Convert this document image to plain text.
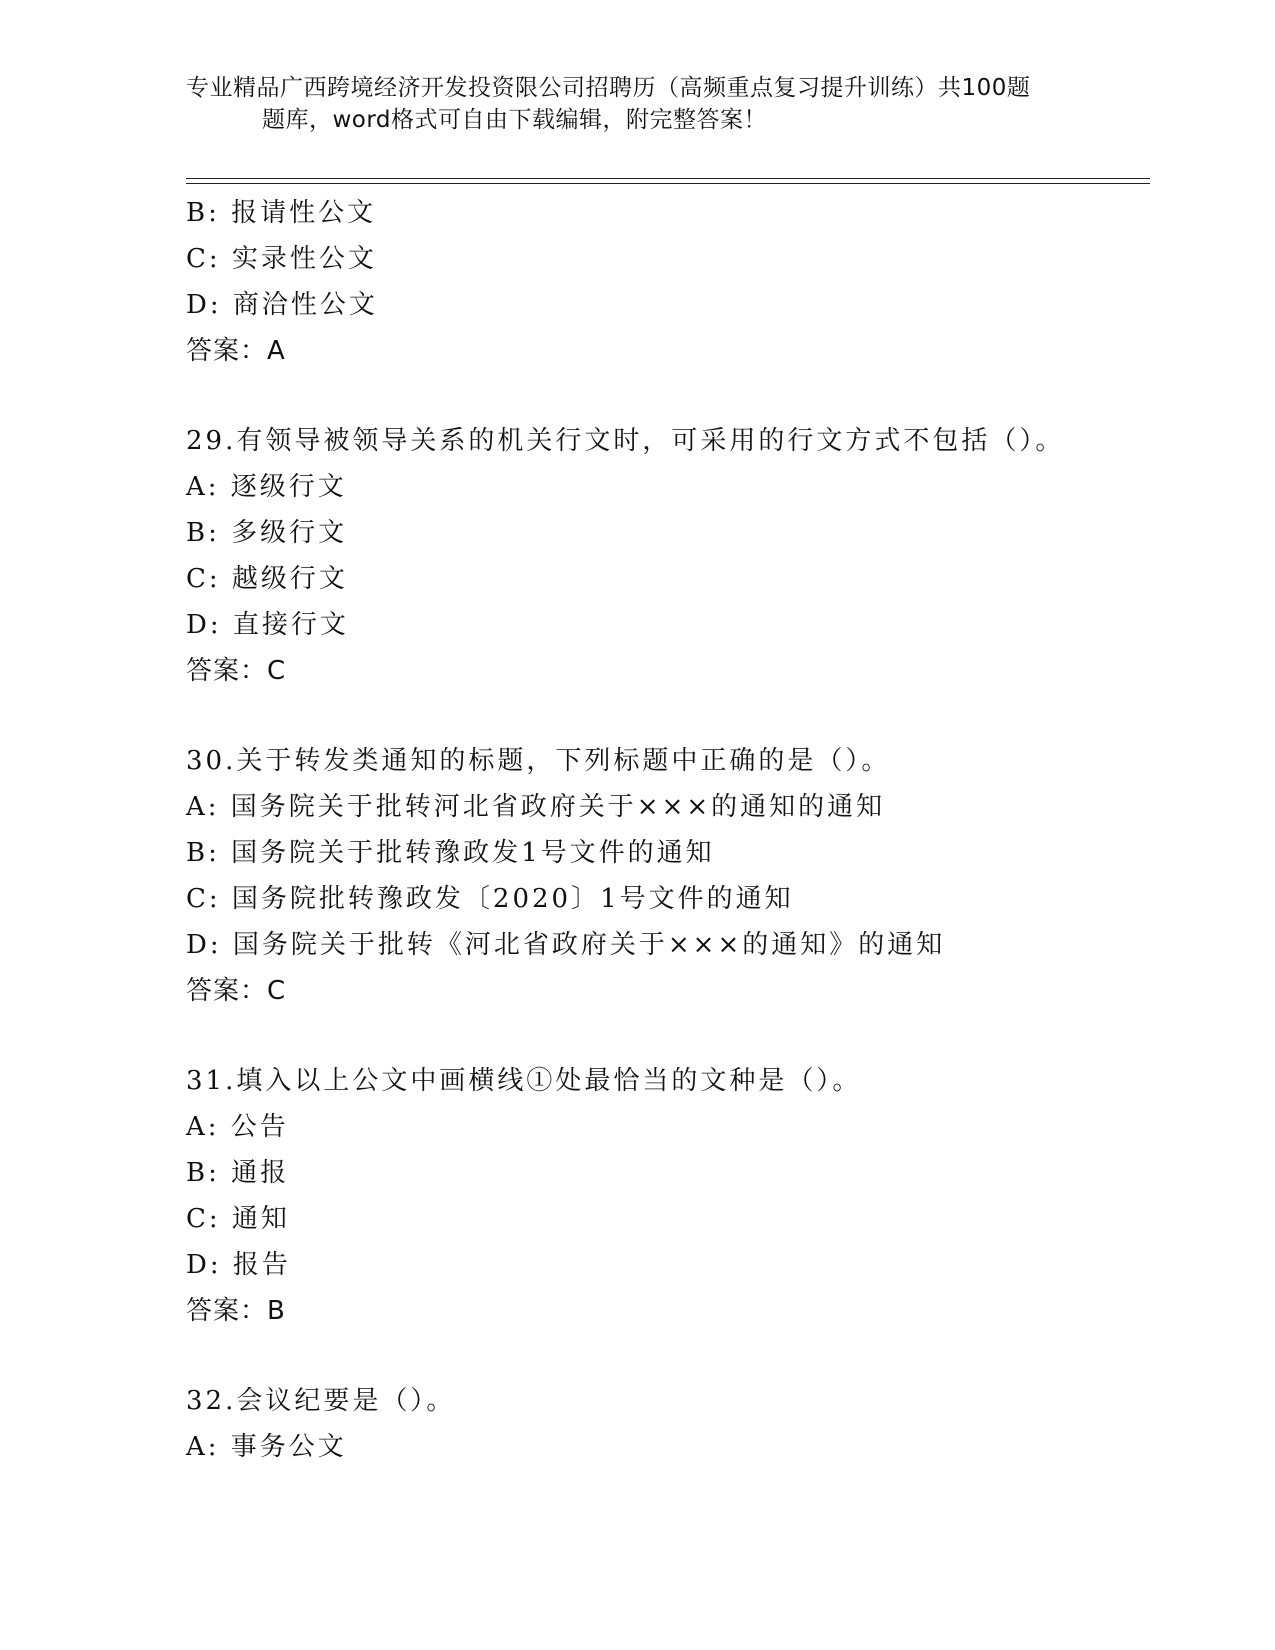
专业精品广西跨境经济开发投资限公司招聘历（高频重点复习提升训练）共100题
题库，word格式可自由下载编辑，附完整答案！
B: 报请性公文
C: 实录性公文
D: 商洽性公文
答案：A
29.有领导被领导关系的机关行文时，可采用的行文方式不包括（）。
A: 逐级行文
B: 多级行文
C: 越级行文
D: 直接行文
答案：C
30.关于转发类通知的标题，下列标题中正确的是（）。
A: 国务院关于批转河北省政府关于×××的通知的通知
B: 国务院关于批转豫政发1号文件的通知
C: 国务院批转豫政发〔2020〕1号文件的通知
D: 国务院关于批转《河北省政府关于×××的通知》的通知
答案：C
31.填入以上公文中画横线①处最恰当的文种是（）。
A: 公告
B: 通报
C: 通知
D: 报告
答案：B
32.会议纪要是（）。
A: 事务公文
